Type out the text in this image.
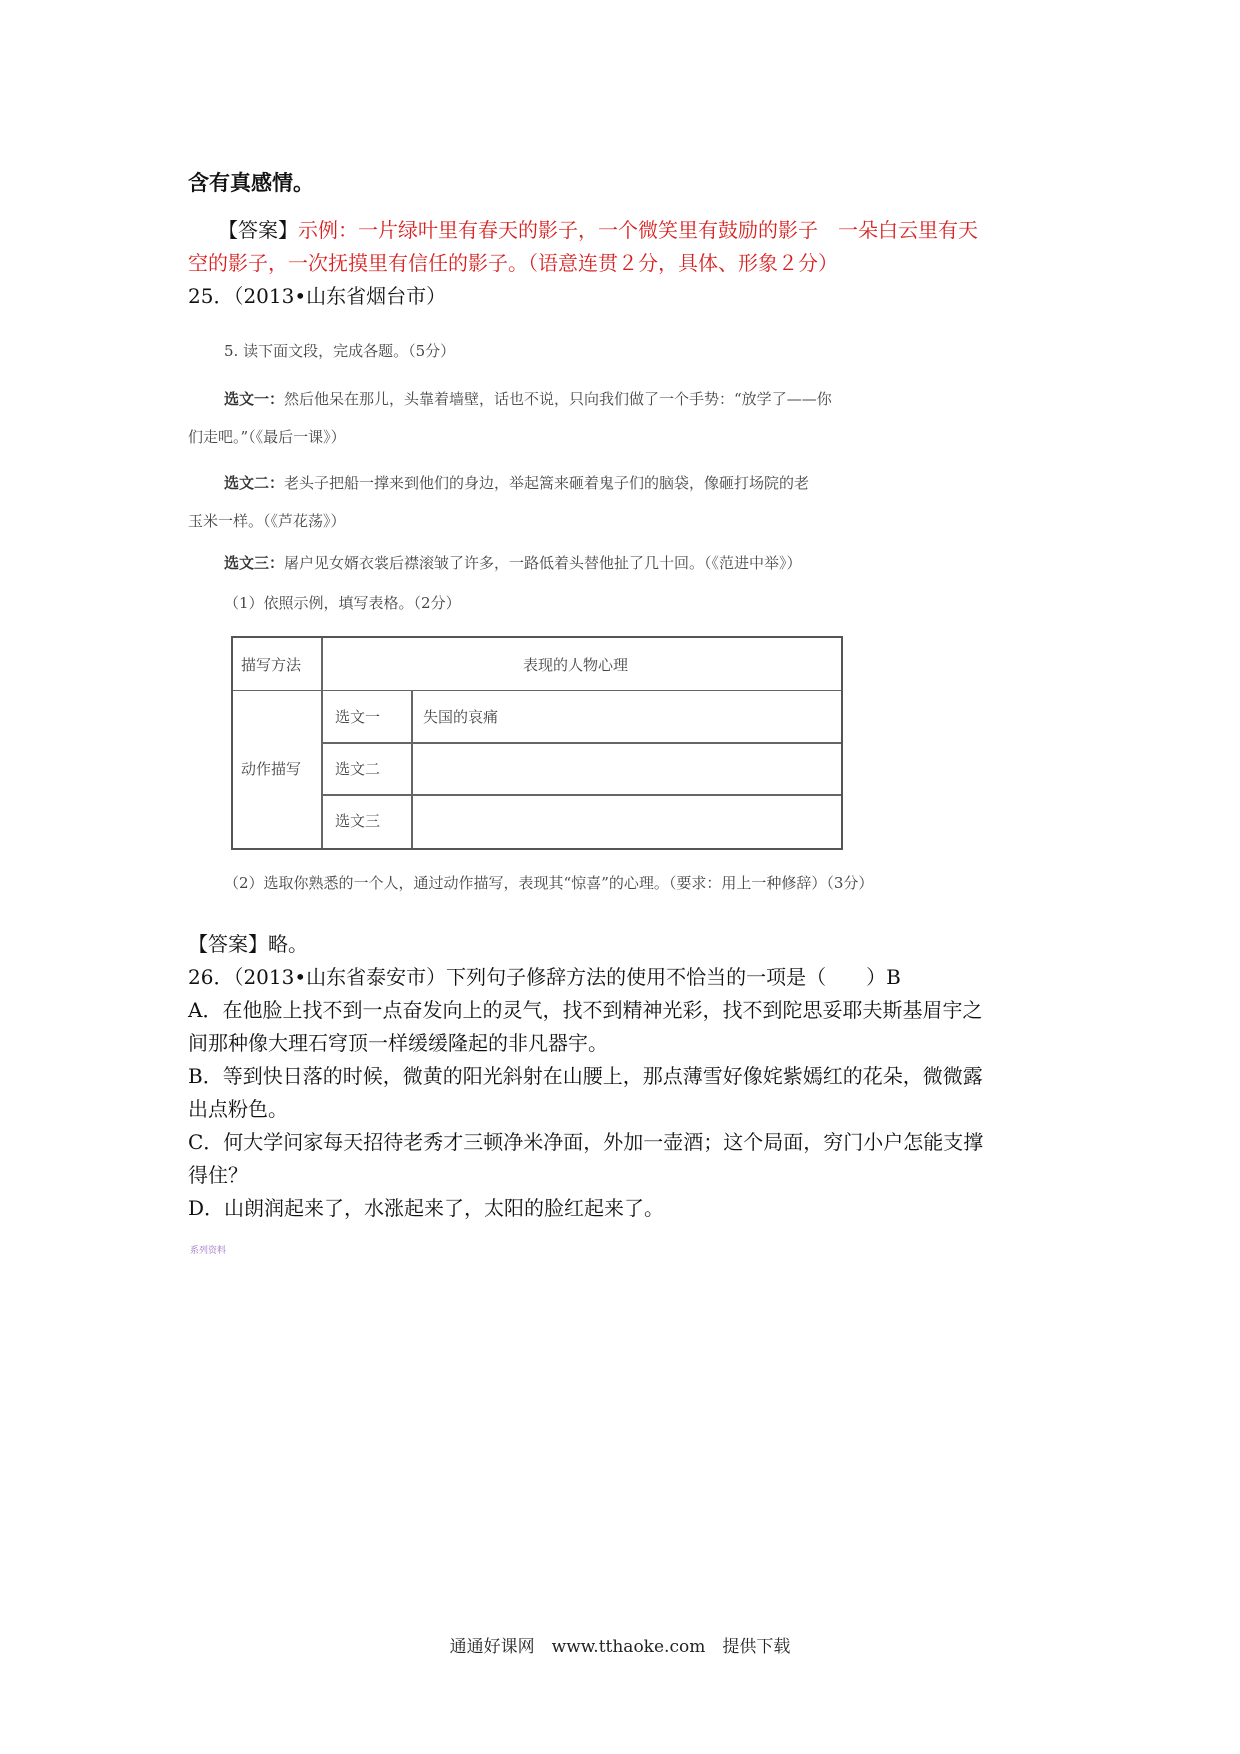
含有真感情。
【答案】示例：一片绿叶里有春天的影子，一个微笑里有鼓励的影子　一朵白云里有天
空的影子，一次抚摸里有信任的影子。（语意连贯２分，具体、形象２分）
25．（2013•山东省烟台市）
5. 读下面文段，完成各题。（5分）
选文一：然后他呆在那儿，头靠着墙壁，话也不说，只向我们做了一个手势：“放学了——你
们走吧。”（《最后一课》）
选文二：老头子把船一撑来到他们的身边，举起篙来砸着鬼子们的脑袋，像砸打场院的老
玉米一样。（《芦花荡》）
选文三：屠户见女婿衣裳后襟滚皱了许多，一路低着头替他扯了几十回。（《范进中举》）
（1）依照示例，填写表格。（2分）
描写方法	表现的人物心理
动作描写
选文一	失国的哀痛
选文二
选文三
（2）选取你熟悉的一个人，通过动作描写，表现其“惊喜”的心理。（要求：用上一种修辞）（3分）
【答案】略。
26．（2013•山东省泰安市）下列句子修辞方法的使用不恰当的一项是（　　）B
A．在他脸上找不到一点奋发向上的灵气，找不到精神光彩，找不到陀思妥耶夫斯基眉宇之
间那种像大理石穹顶一样缓缓隆起的非凡器宇。
B．等到快日落的时候，微黄的阳光斜射在山腰上，那点薄雪好像姹紫嫣红的花朵，微微露
出点粉色。
C．何大学问家每天招待老秀才三顿净米净面，外加一壶酒；这个局面，穷门小户怎能支撑
得住？
D．山朗润起来了，水涨起来了，太阳的脸红起来了。
系列资料
通通好课网　www.tthaoke.com　提供下载
